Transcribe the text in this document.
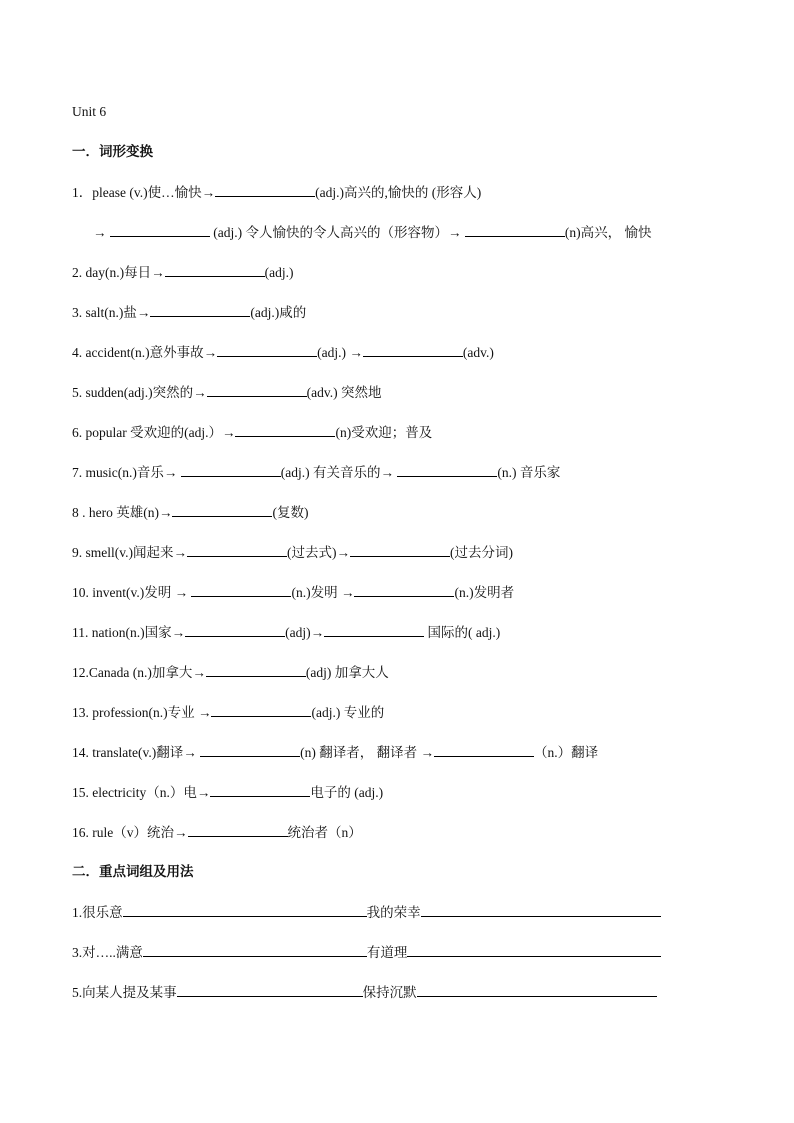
Unit 6
一．词形变换
1．please (v.)使…愉快→	(adj.)高兴的,愉快的 (形容人)
→	(adj.) 令人愉快的令人高兴的（形容物）→	(n)高兴， 愉快
2. day(n.)每日→	(adj.)
3. salt(n.)盐→	(adj.)咸的
4. accident(n.)意外事故→	(adj.) →	(adv.)
5. sudden(adj.)突然的→	(adv.) 突然地
6. popular 受欢迎的(adj.）→	(n)受欢迎；普及
7. music(n.)音乐→	(adj.) 有关音乐的→	(n.) 音乐家
8 . hero 英雄(n)→	(复数)
9. smell(v.)闻起来→	(过去式)→	(过去分词)
10. invent(v.)发明 →	(n.)发明 →	(n.)发明者
11. nation(n.)国家→	(adj)→	国际的( adj.)
12.Canada (n.)加拿大→	(adj) 加拿大人
13. profession(n.)专业 →	(adj.) 专业的
14. translate(v.)翻译→	(n) 翻译者， 翻译者 →	（n.）翻译
15. electricity（n.）电→	电子的 (adj.)
16. rule（v）统治→	统治者（n）
二．重点词组及用法
1.很乐意	我的荣幸
3.对…..满意	有道理
5.向某人提及某事	保持沉默
